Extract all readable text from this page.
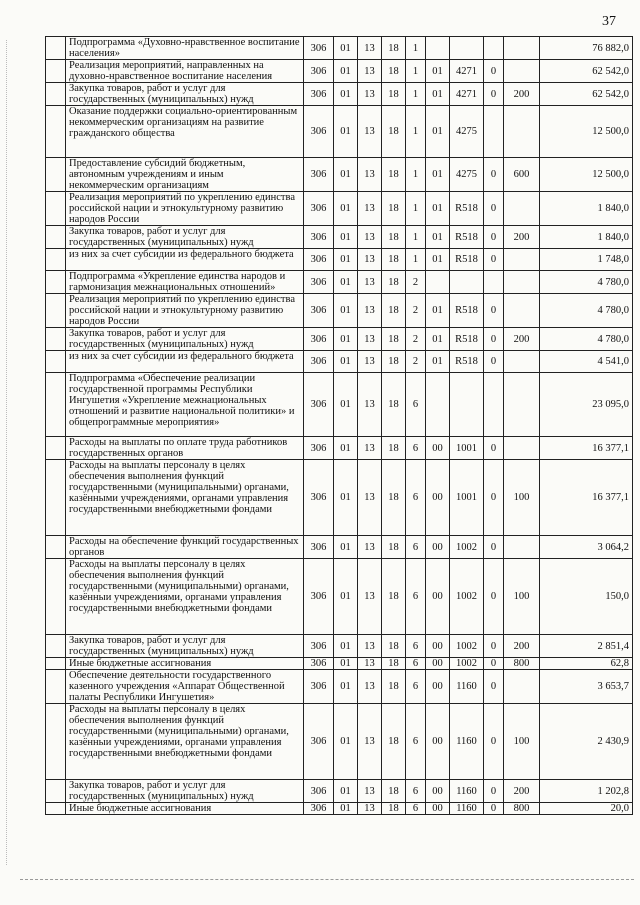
37
	Подпрограмма «Духовно-нравственное воспитание населения»	306	01	13	18	1					76 882,0
	Реализация мероприятий, направленных на духовно-нравственное воспитание населения	306	01	13	18	1	01	4271	0		62 542,0
	Закупка товаров, работ и услуг для государственных (муниципальных) нужд	306	01	13	18	1	01	4271	0	200	62 542,0
	Оказание поддержки социально-ориентированным некоммерческим организациям на развитие гражданского общества	306	01	13	18	1	01	4275			12 500,0
	Предоставление субсидий бюджетным, автономным учреждениям и иным некоммерческим организациям	306	01	13	18	1	01	4275	0	600	12 500,0
	Реализация мероприятий по укреплению единства российской нации и этнокультурному развитию народов России	306	01	13	18	1	01	R518	0		1 840,0
	Закупка товаров, работ и услуг для государственных (муниципальных) нужд	306	01	13	18	1	01	R518	0	200	1 840,0
	из них за счет субсидии из федерального бюджета	306	01	13	18	1	01	R518	0		1 748,0
	Подпрограмма «Укрепление единства народов и гармонизация межнациональных отношений»	306	01	13	18	2					4 780,0
	Реализация мероприятий по укреплению единства российской нации и этнокультурному развитию народов России	306	01	13	18	2	01	R518	0		4 780,0
	Закупка товаров, работ и услуг для государственных (муниципальных) нужд	306	01	13	18	2	01	R518	0	200	4 780,0
	из них за счет субсидии из федерального бюджета	306	01	13	18	2	01	R518	0		4 541,0
	Подпрограмма «Обеспечение реализации государственной программы Республики Ингушетия «Укрепление межнациональных отношений и развитие национальной политики» и общепрограммные мероприятия»	306	01	13	18	6					23 095,0
	Расходы на выплаты по оплате труда работников государственных органов	306	01	13	18	6	00	1001	0		16 377,1
	Расходы на выплаты персоналу в целях обеспечения выполнения функций государственными (муниципальными) органами, казёнными учреждениями, органами управления государственными внебюджетными фондами	306	01	13	18	6	00	1001	0	100	16 377,1
	Расходы на обеспечение функций государственных органов	306	01	13	18	6	00	1002	0		3 064,2
	Расходы на выплаты персоналу в целях обеспечения выполнения функций государственными (муниципальными) органами, казённыи учреждениями, органами управления государственными внебюджетными фондами	306	01	13	18	6	00	1002	0	100	150,0
	Закупка товаров, работ и услуг для государственных (муниципальных) нужд	306	01	13	18	6	00	1002	0	200	2 851,4
	Иные бюджетные ассигнования	306	01	13	18	6	00	1002	0	800	62,8
	Обеспечение деятельности государственного казенного учреждения «Аппарат Общественной палаты Республики Ингушетия»	306	01	13	18	6	00	1160	0		3 653,7
	Расходы на выплаты персоналу в целях обеспечения выполнения функций государственными (муниципальными) органами, казённыи учреждениями, органами управления государственными внебюджетными фондами	306	01	13	18	6	00	1160	0	100	2 430,9
	Закупка товаров, работ и услуг для государственных (муниципальных) нужд	306	01	13	18	6	00	1160	0	200	1 202,8
	Иные бюджетные ассигнования	306	01	13	18	6	00	1160	0	800	20,0
